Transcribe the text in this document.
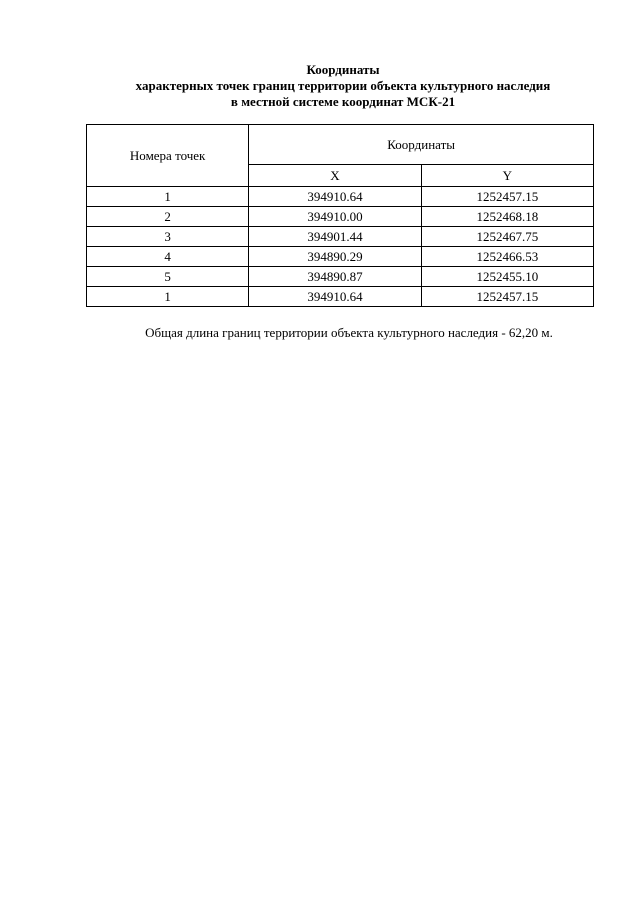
Координаты
характерных точек границ территории объекта культурного наследия
в местной системе координат МСК-21
Номера точек	Координаты	
	X	Y
1	394910.64	1252457.15
2	394910.00	1252468.18
3	394901.44	1252467.75
4	394890.29	1252466.53
5	394890.87	1252455.10
1	394910.64	1252457.15
Общая длина границ территории объекта культурного наследия - 62,20 м.
